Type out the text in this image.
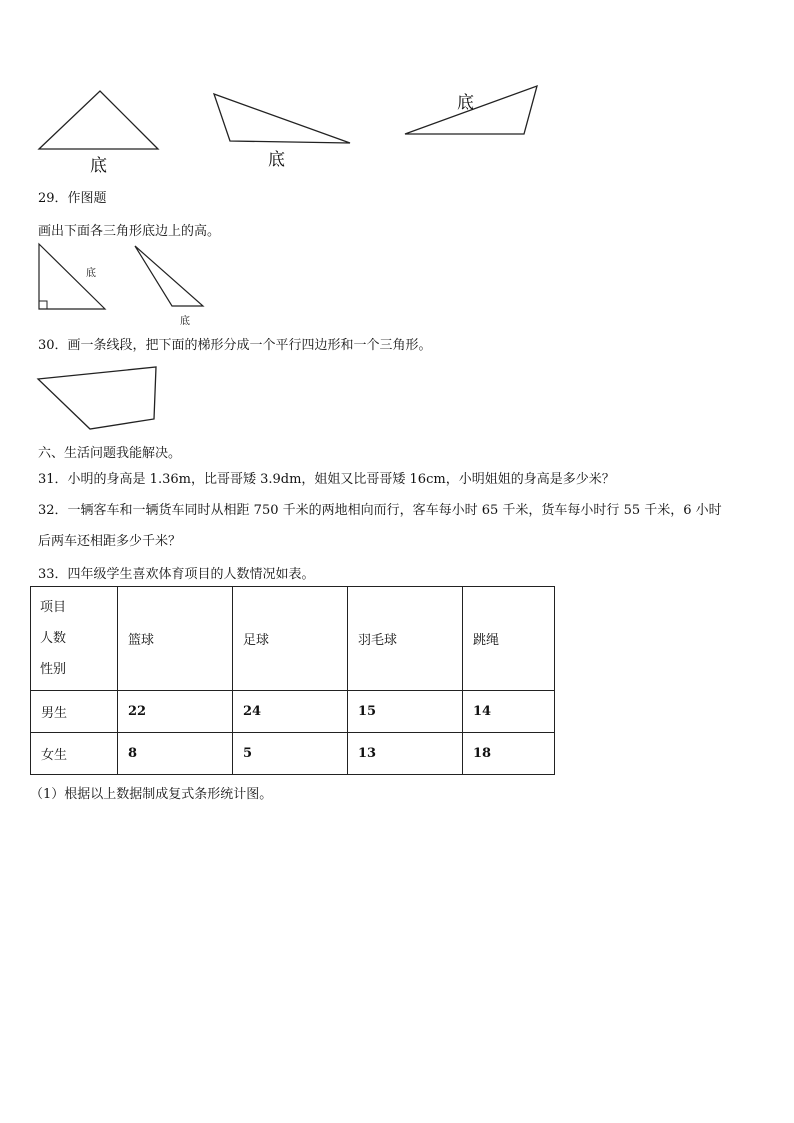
底	底
底
29．作图题
画出下面各三角形底边上的高。
底
底
30．画一条线段，把下面的梯形分成一个平行四边形和一个三角形。
六、生活问题我能解决。
31．小明的身高是 1.36m，比哥哥矮 3.9dm，姐姐又比哥哥矮 16cm，小明姐姐的身高是多少米？
32．一辆客车和一辆货车同时从相距 750 千米的两地相向而行，客车每小时 65 千米，货车每小时行 55 千米，6 小时
后两车还相距多少千米？
33．四年级学生喜欢体育项目的人数情况如表。
项目
人数
性别	篮球	足球	羽毛球	跳绳
男生	22	24	15	14
女生	8	5	13	18
（1）根据以上数据制成复式条形统计图。
